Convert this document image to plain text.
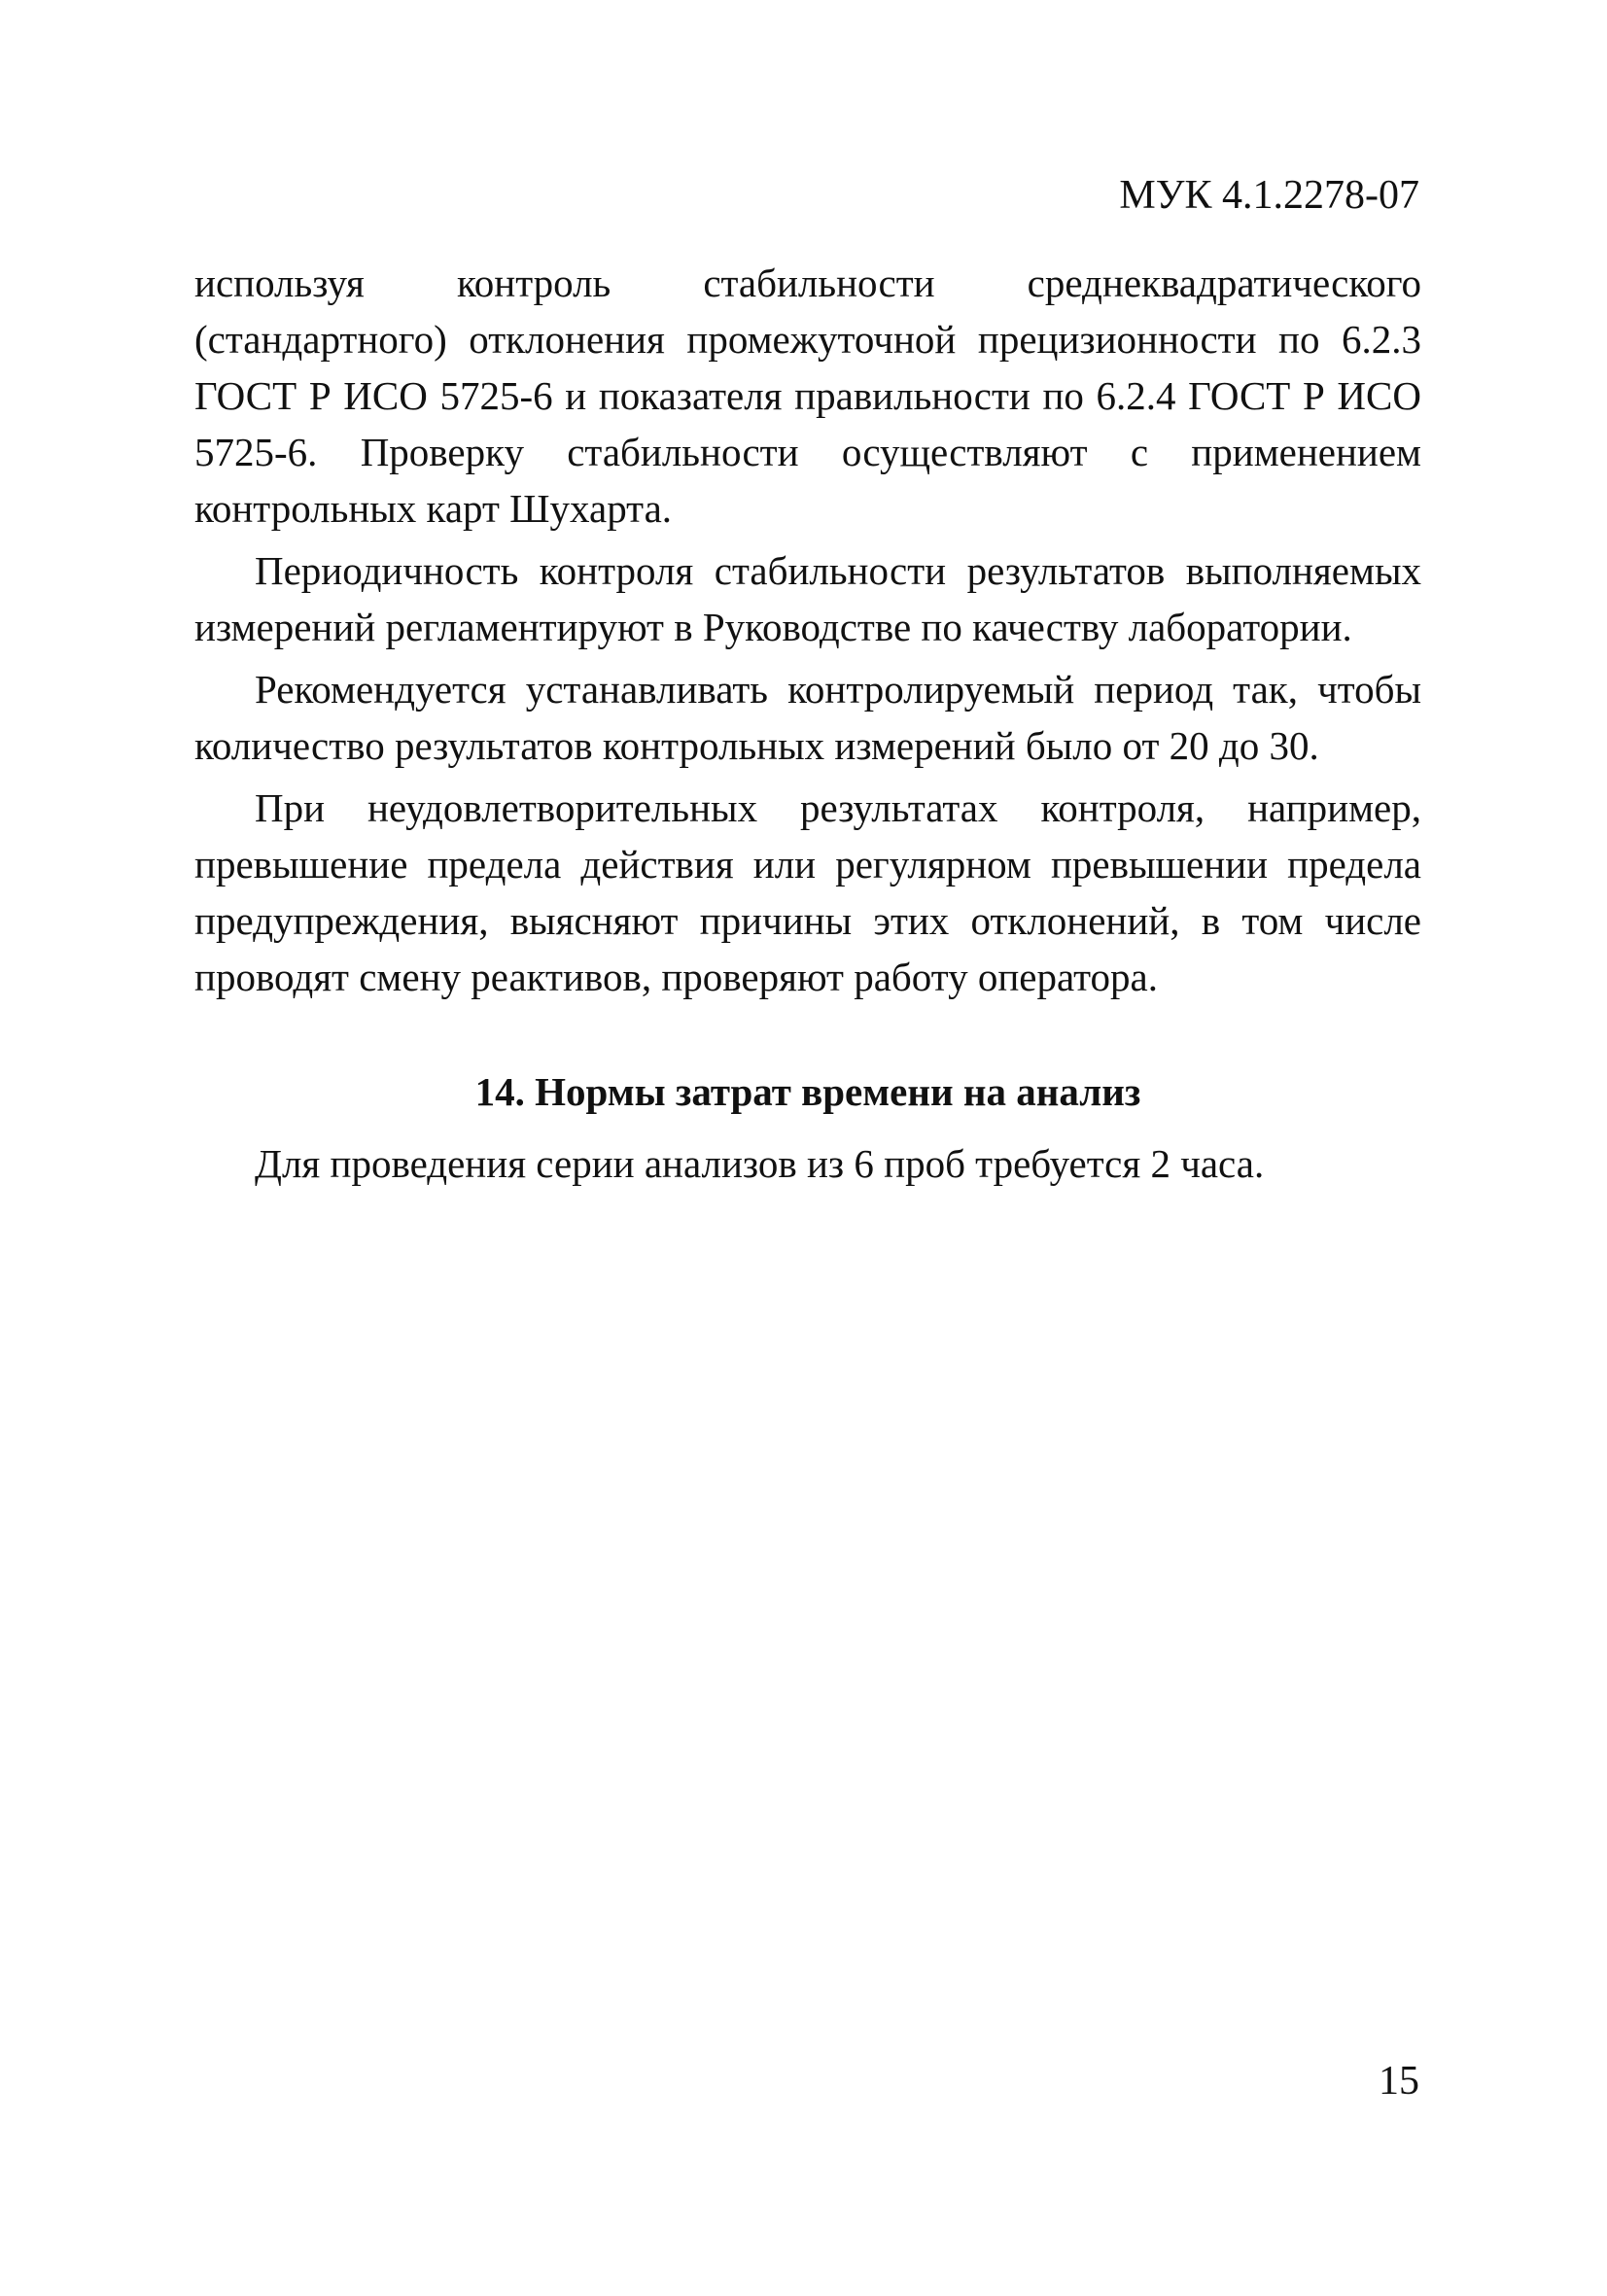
МУК 4.1.2278-07

используя контроль стабильности среднеквадратического (стандартного) отклонения промежуточной прецизионности по 6.2.3 ГОСТ Р ИСО 5725-6 и показателя правильности по 6.2.4 ГОСТ Р ИСО 5725-6. Проверку стабильности осуществляют с применением контрольных карт Шухарта.

Периодичность контроля стабильности результатов выполняемых измерений регламентируют в Руководстве по качеству лаборатории.

Рекомендуется устанавливать контролируемый период так, чтобы количество результатов контрольных измерений было от 20 до 30.

При неудовлетворительных результатах контроля, например, превышение предела действия или регулярном превышении предела предупреждения, выясняют причины этих отклонений, в том числе проводят смену реактивов, проверяют работу оператора.

14. Нормы затрат времени на анализ

Для проведения серии анализов из 6 проб требуется 2 часа.

15
